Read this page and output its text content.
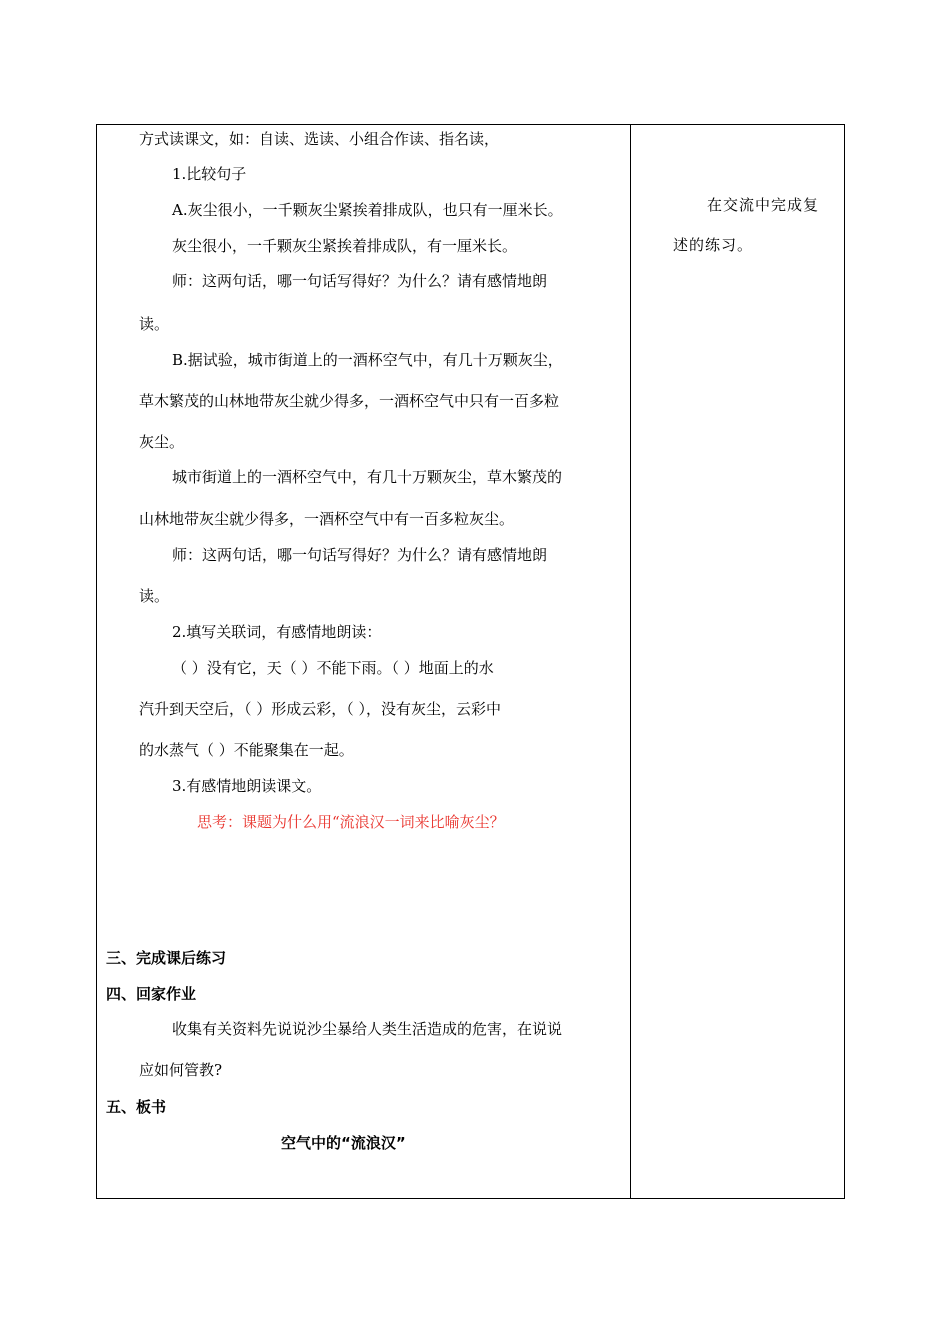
方式读课文，如：自读、选读、小组合作读、指名读，
1.比较句子
A.灰尘很小，一千颗灰尘紧挨着排成队，也只有一厘米长。
灰尘很小，一千颗灰尘紧挨着排成队，有一厘米长。
师：这两句话，哪一句话写得好？为什么？请有感情地朗
读。
B.据试验，城市街道上的一酒杯空气中，有几十万颗灰尘，
草木繁茂的山林地带灰尘就少得多，一酒杯空气中只有一百多粒
灰尘。
城市街道上的一酒杯空气中，有几十万颗灰尘，草木繁茂的
山林地带灰尘就少得多，一酒杯空气中有一百多粒灰尘。
师：这两句话，哪一句话写得好？为什么？请有感情地朗
读。
2.填写关联词，有感情地朗读：
（ ）没有它，天（ ）不能下雨。（ ）地面上的水
汽升到天空后，（ ）形成云彩，（ ），没有灰尘，云彩中
的水蒸气（ ）不能聚集在一起。
3.有感情地朗读课文。
思考：课题为什么用“流浪汉一词来比喻灰尘？
三、完成课后练习
四、回家作业
收集有关资料先说说沙尘暴给人类生活造成的危害，在说说
应如何管教?
五、板书
空气中的“流浪汉”
在交流中完成复
述的练习。
